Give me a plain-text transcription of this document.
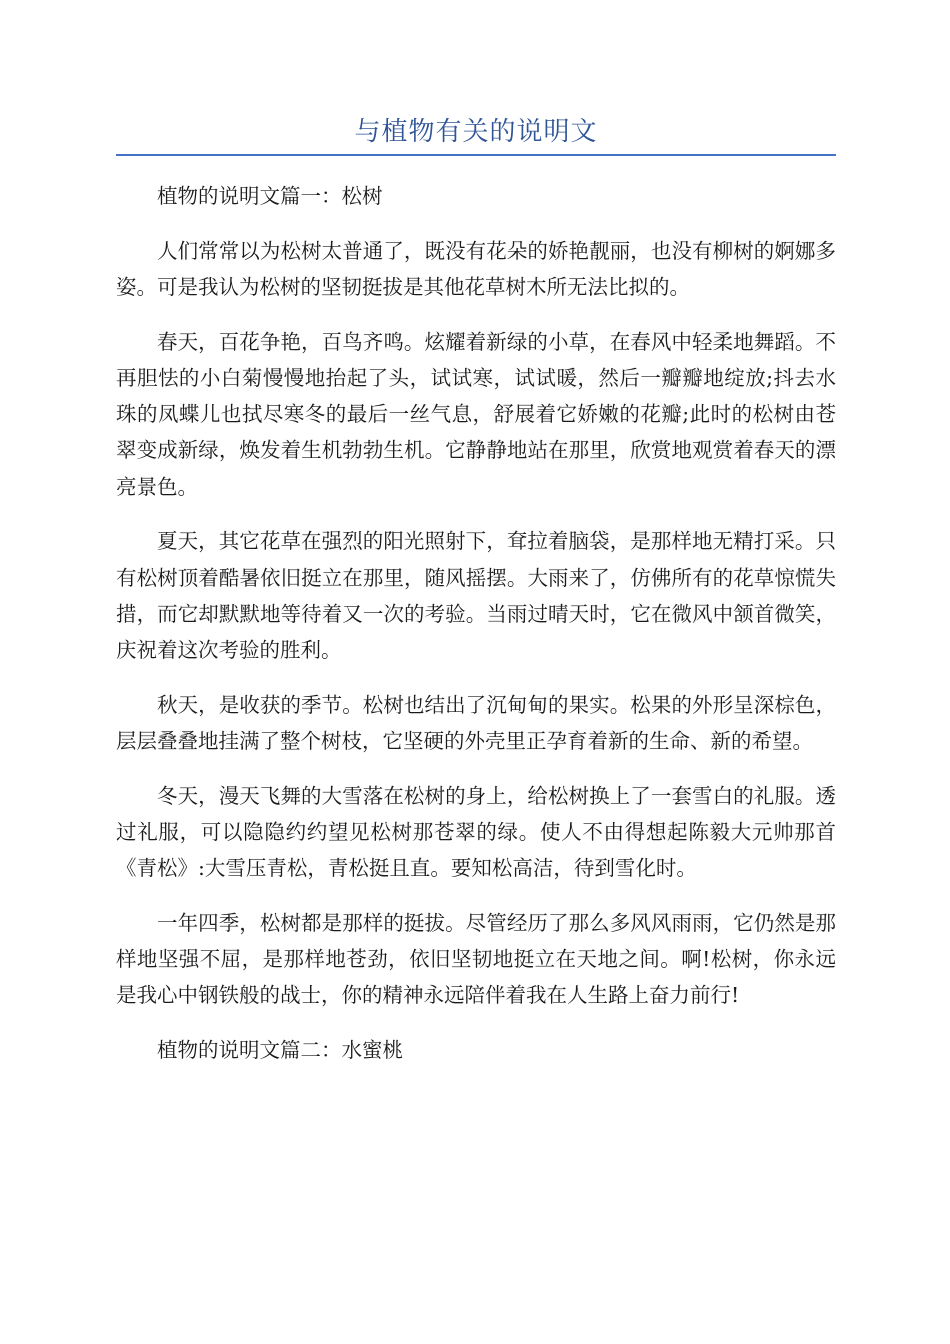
与植物有关的说明文

植物的说明文篇一：松树

人们常常以为松树太普通了，既没有花朵的娇艳靓丽，也没有柳树的婀娜多姿。可是我认为松树的坚韧挺拔是其他花草树木所无法比拟的。

春天，百花争艳，百鸟齐鸣。炫耀着新绿的小草，在春风中轻柔地舞蹈。不再胆怯的小白菊慢慢地抬起了头，试试寒，试试暖，然后一瓣瓣地绽放;抖去水珠的凤蝶儿也拭尽寒冬的最后一丝气息，舒展着它娇嫩的花瓣;此时的松树由苍翠变成新绿，焕发着生机勃勃生机。它静静地站在那里，欣赏地观赏着春天的漂亮景色。

夏天，其它花草在强烈的阳光照射下，耷拉着脑袋，是那样地无精打采。只有松树顶着酷暑依旧挺立在那里，随风摇摆。大雨来了，仿佛所有的花草惊慌失措，而它却默默地等待着又一次的考验。当雨过晴天时，它在微风中颔首微笑，庆祝着这次考验的胜利。

秋天，是收获的季节。松树也结出了沉甸甸的果实。松果的外形呈深棕色，层层叠叠地挂满了整个树枝，它坚硬的外壳里正孕育着新的生命、新的希望。

冬天，漫天飞舞的大雪落在松树的身上，给松树换上了一套雪白的礼服。透过礼服，可以隐隐约约望见松树那苍翠的绿。使人不由得想起陈毅大元帅那首《青松》:大雪压青松，青松挺且直。要知松高洁，待到雪化时。

一年四季，松树都是那样的挺拔。尽管经历了那么多风风雨雨，它仍然是那样地坚强不屈，是那样地苍劲，依旧坚韧地挺立在天地之间。啊!松树，你永远是我心中钢铁般的战士，你的精神永远陪伴着我在人生路上奋力前行!

植物的说明文篇二：水蜜桃
